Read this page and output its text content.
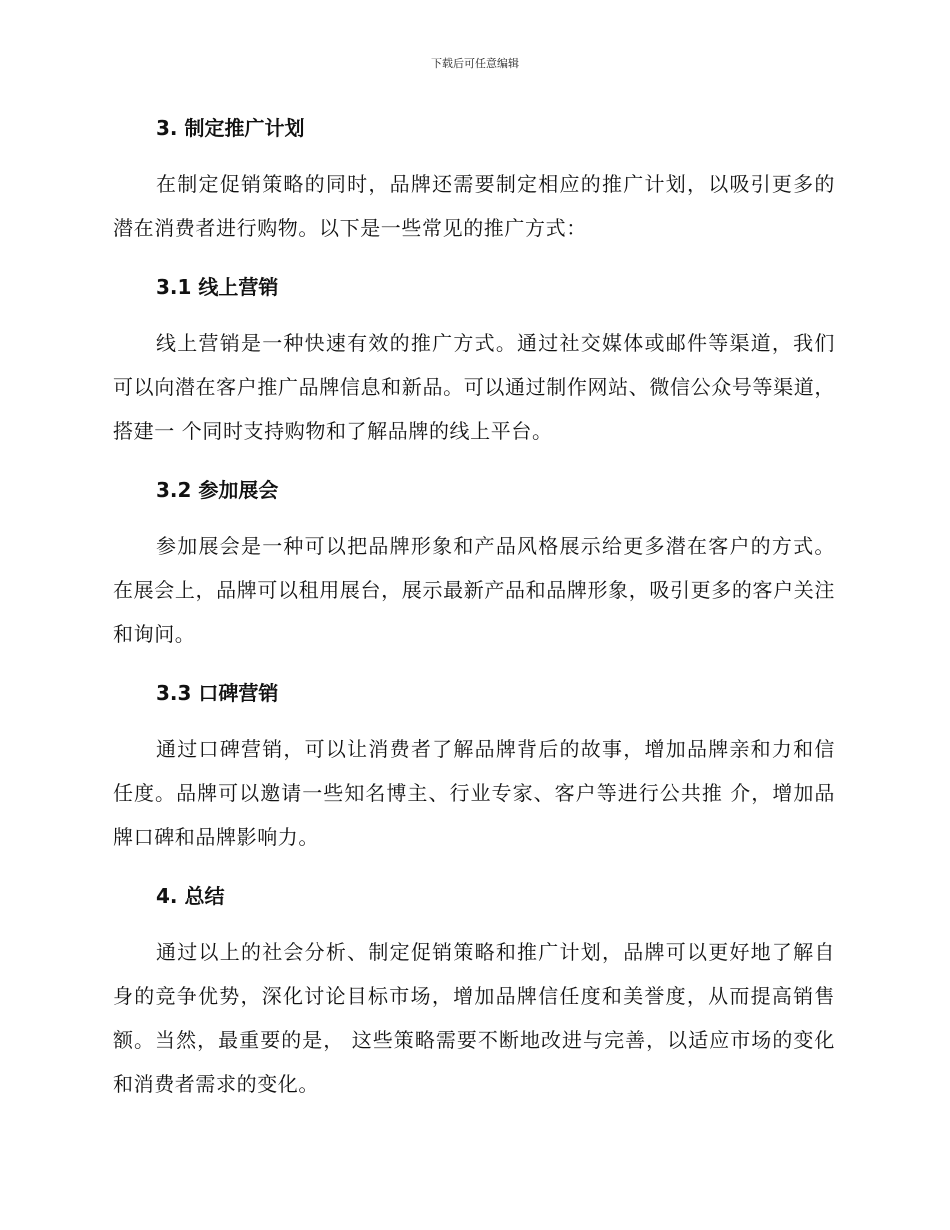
下载后可任意编辑
3. 制定推广计划

在制定促销策略的同时，品牌还需要制定相应的推广计划，以吸引更多的潜在消费者进行购物。以下是一些常见的推广方式：

3.1 线上营销

线上营销是一种快速有效的推广方式。通过社交媒体或邮件等渠道，我们可以向潜在客户推广品牌信息和新品。可以通过制作网站、微信公众号等渠道，搭建一 个同时支持购物和了解品牌的线上平台。

3.2 参加展会

参加展会是一种可以把品牌形象和产品风格展示给更多潜在客户的方式。在展会上，品牌可以租用展台，展示最新产品和品牌形象，吸引更多的客户关注和询问。

3.3 口碑营销

通过口碑营销，可以让消费者了解品牌背后的故事，增加品牌亲和力和信任度。品牌可以邀请一些知名博主、行业专家、客户等进行公共推 介，增加品牌口碑和品牌影响力。

4. 总结

通过以上的社会分析、制定促销策略和推广计划，品牌可以更好地了解自身的竞争优势，深化讨论目标市场，增加品牌信任度和美誉度，从而提高销售额。当然，最重要的是， 这些策略需要不断地改进与完善，以适应市场的变化和消费者需求的变化。
